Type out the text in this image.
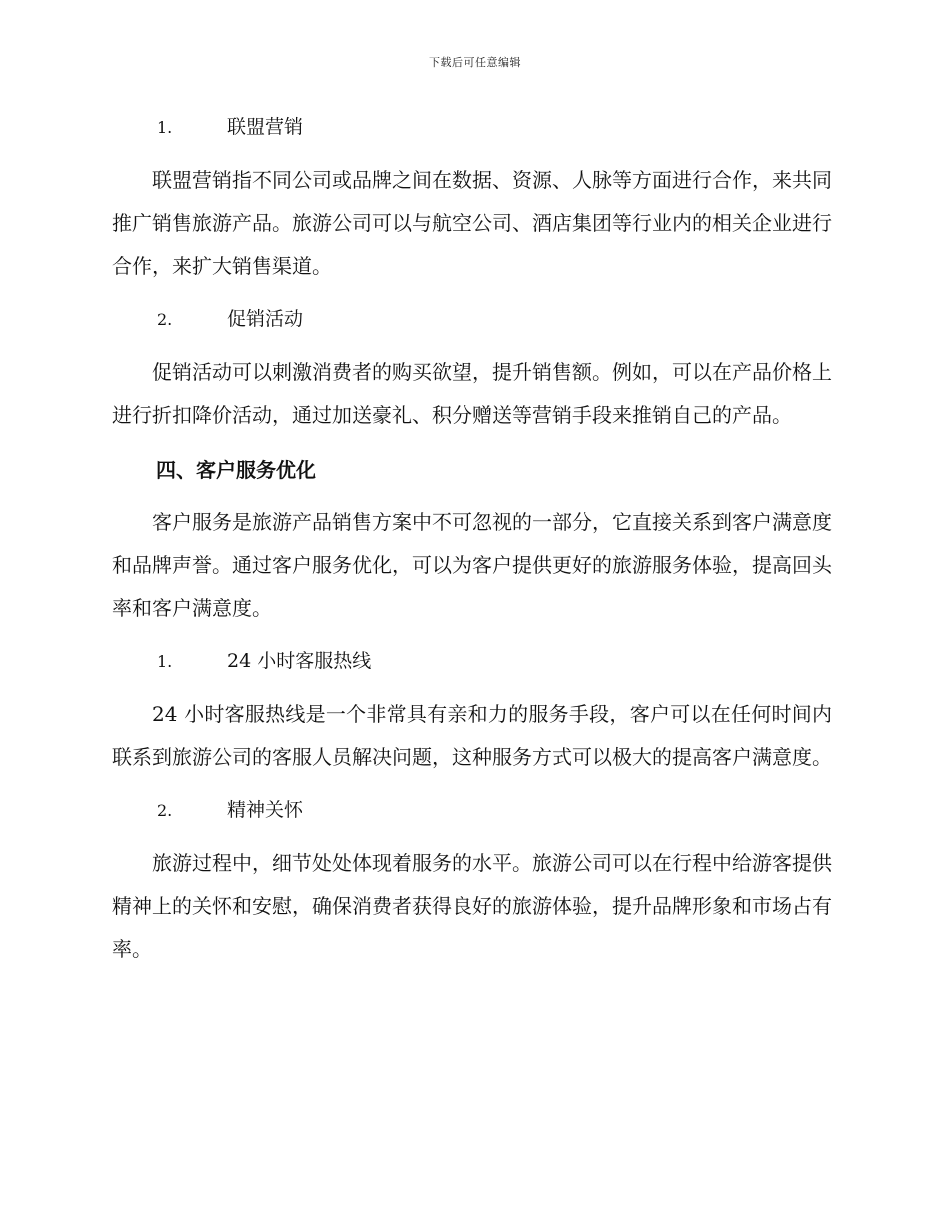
下载后可任意编辑
1.	联盟营销

联盟营销指不同公司或品牌之间在数据、资源、人脉等方面进行合作，来共同推广销售旅游产品。旅游公司可以与航空公司、酒店集团等行业内的相关企业进行合作，来扩大销售渠道。

2.	促销活动

促销活动可以刺激消费者的购买欲望，提升销售额。例如，可以在产品价格上进行折扣降价活动，通过加送豪礼、积分赠送等营销手段来推销自己的产品。

四、客户服务优化

客户服务是旅游产品销售方案中不可忽视的一部分，它直接关系到客户满意度和品牌声誉。通过客户服务优化，可以为客户提供更好的旅游服务体验，提高回头率和客户满意度。

1.	24 小时客服热线

24 小时客服热线是一个非常具有亲和力的服务手段，客户可以在任何时间内联系到旅游公司的客服人员解决问题，这种服务方式可以极大的提高客户满意度。

2.	精神关怀

旅游过程中，细节处处体现着服务的水平。旅游公司可以在行程中给游客提供精神上的关怀和安慰，确保消费者获得良好的旅游体验，提升品牌形象和市场占有率。
